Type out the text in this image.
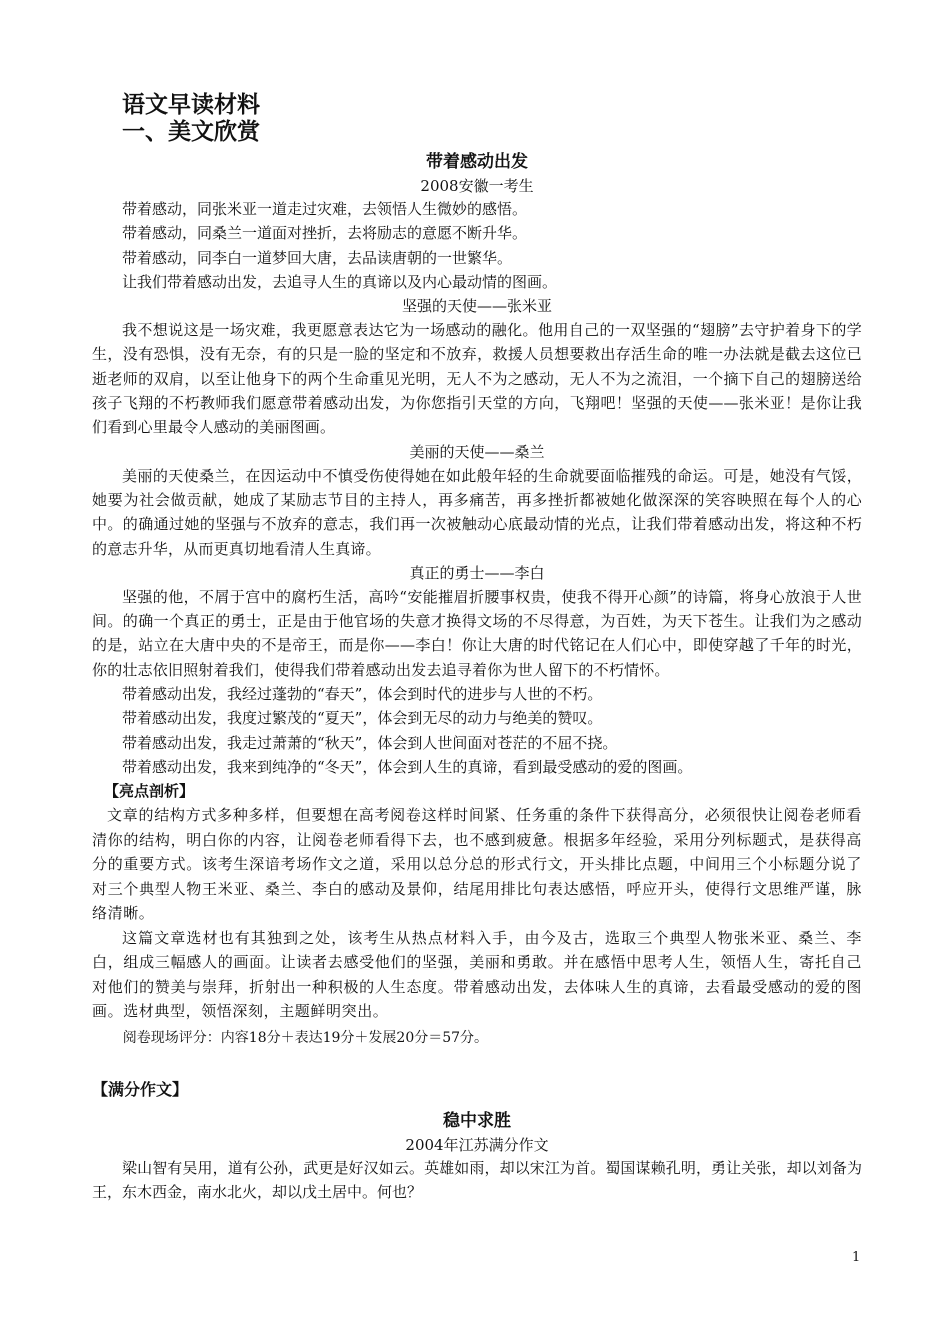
语文早读材料
一、美文欣赏
带着感动出发
2008安徽一考生

带着感动，同张米亚一道走过灾难，去领悟人生微妙的感悟。

带着感动，同桑兰一道面对挫折，去将励志的意愿不断升华。

带着感动，同李白一道梦回大唐，去品读唐朝的一世繁华。

让我们带着感动出发，去追寻人生的真谛以及内心最动情的图画。

坚强的天使——张米亚

我不想说这是一场灾难，我更愿意表达它为一场感动的融化。他用自己的一双坚强的“翅膀”去守护着身下的学生，没有恐惧，没有无奈，有的只是一脸的坚定和不放弃，救援人员想要救出存活生命的唯一办法就是截去这位已逝老师的双肩，以至让他身下的两个生命重见光明，无人不为之感动，无人不为之流泪，一个摘下自己的翅膀送给孩子飞翔的不朽教师我们愿意带着感动出发，为你您指引天堂的方向，飞翔吧！坚强的天使——张米亚！是你让我们看到心里最令人感动的美丽图画。

美丽的天使——桑兰

美丽的天使桑兰，在因运动中不慎受伤使得她在如此般年轻的生命就要面临摧残的命运。可是，她没有气馁，她要为社会做贡献，她成了某励志节目的主持人，再多痛苦，再多挫折都被她化做深深的笑容映照在每个人的心中。的确通过她的坚强与不放弃的意志，我们再一次被触动心底最动情的光点，让我们带着感动出发，将这种不朽的意志升华，从而更真切地看清人生真谛。

真正的勇士——李白

坚强的他，不屑于宫中的腐朽生活，高吟“安能摧眉折腰事权贵，使我不得开心颜”的诗篇，将身心放浪于人世间。的确一个真正的勇士，正是由于他官场的失意才换得文场的不尽得意，为百姓，为天下苍生。让我们为之感动的是，站立在大唐中央的不是帝王，而是你——李白！你让大唐的时代铭记在人们心中，即使穿越了千年的时光，你的壮志依旧照射着我们，使得我们带着感动出发去追寻着你为世人留下的不朽情怀。

带着感动出发，我经过蓬勃的“春天”，体会到时代的进步与人世的不朽。

带着感动出发，我度过繁茂的“夏天”，体会到无尽的动力与绝美的赞叹。

带着感动出发，我走过萧萧的“秋天”，体会到人世间面对苍茫的不屈不挠。

带着感动出发，我来到纯净的“冬天”，体会到人生的真谛，看到最受感动的爱的图画。

【亮点剖析】

文章的结构方式多种多样，但要想在高考阅卷这样时间紧、任务重的条件下获得高分，必须很快让阅卷老师看清你的结构，明白你的内容，让阅卷老师看得下去，也不感到疲惫。根据多年经验，采用分列标题式，是获得高分的重要方式。该考生深谙考场作文之道，采用以总分总的形式行文，开头排比点题，中间用三个小标题分说了对三个典型人物王米亚、桑兰、李白的感动及景仰，结尾用排比句表达感悟，呼应开头，使得行文思维严谨，脉络清晰。

这篇文章选材也有其独到之处，该考生从热点材料入手，由今及古，选取三个典型人物张米亚、桑兰、李白，组成三幅感人的画面。让读者去感受他们的坚强，美丽和勇敢。并在感悟中思考人生，领悟人生，寄托自己对他们的赞美与崇拜，折射出一种积极的人生态度。带着感动出发，去体味人生的真谛，去看最受感动的爱的图画。选材典型，领悟深刻，主题鲜明突出。

阅卷现场评分：内容18分＋表达19分＋发展20分＝57分。
【满分作文】
稳中求胜
2004年江苏满分作文

梁山智有吴用，道有公孙，武更是好汉如云。英雄如雨，却以宋江为首。蜀国谋赖孔明，勇让关张，却以刘备为王，东木西金，南水北火，却以戊土居中。何也？

1
